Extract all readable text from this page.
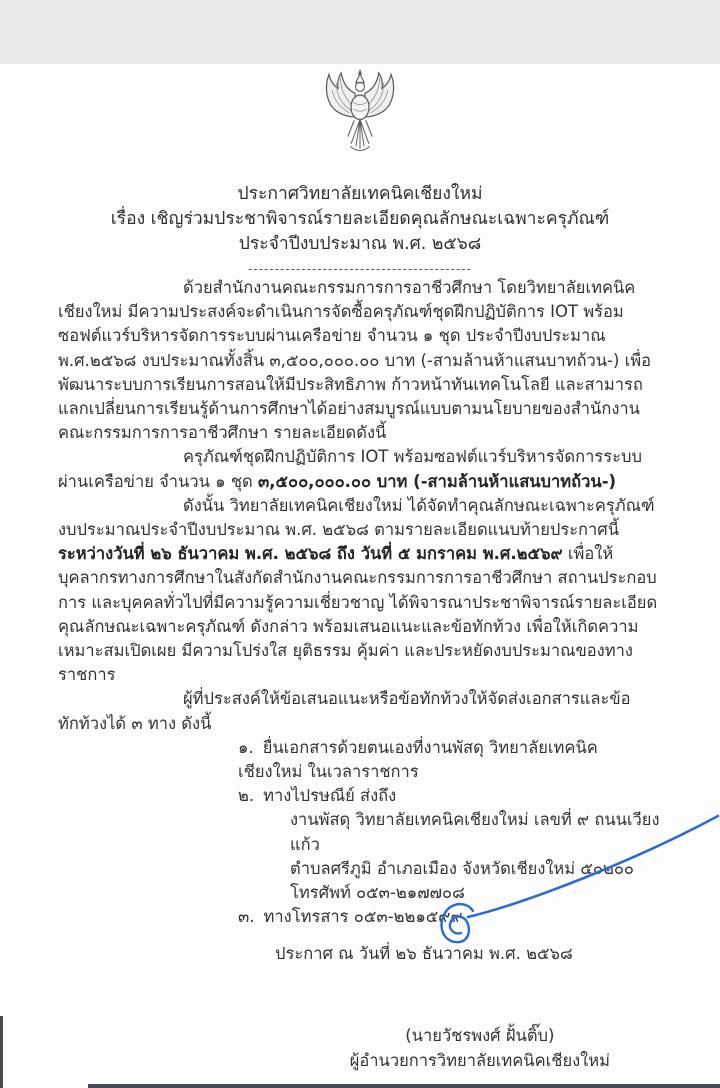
ประกาศวิทยาลัยเทคนิคเชียงใหม่
เรื่อง เชิญร่วมประชาพิจารณ์รายละเอียดคุณลักษณะเฉพาะครุภัณฑ์
ประจำปีงบประมาณ พ.ศ. ๒๕๖๘
------------------------------------------

ด้วยสำนักงานคณะกรรมการการอาชีวศึกษา โดยวิทยาลัยเทคนิคเชียงใหม่ มีความประสงค์จะดำเนินการจัดซื้อครุภัณฑ์ชุดฝึกปฏิบัติการ IOT พร้อมซอฟต์แวร์บริหารจัดการระบบผ่านเครือข่าย จำนวน ๑ ชุด ประจำปีงบประมาณ พ.ศ.๒๕๖๘ งบประมาณทั้งสิ้น ๓,๕๐๐,๐๐๐.๐๐ บาท (-สามล้านห้าแสนบาทถ้วน-) เพื่อพัฒนาระบบการเรียนการสอนให้มีประสิทธิภาพ ก้าวหน้าทันเทคโนโลยี และสามารถแลกเปลี่ยนการเรียนรู้ด้านการศึกษาได้อย่างสมบูรณ์แบบตามนโยบายของสำนักงานคณะกรรมการการอาชีวศึกษา รายละเอียดดังนี้

ครุภัณฑ์ชุดฝึกปฏิบัติการ IOT พร้อมซอฟต์แวร์บริหารจัดการระบบผ่านเครือข่าย จำนวน ๑ ชุด ๓,๕๐๐,๐๐๐.๐๐ บาท (-สามล้านห้าแสนบาทถ้วน-)

ดังนั้น วิทยาลัยเทคนิคเชียงใหม่ ได้จัดทำคุณลักษณะเฉพาะครุภัณฑ์ งบประมาณประจำปีงบประมาณ พ.ศ. ๒๕๖๘ ตามรายละเอียดแนบท้ายประกาศนี้ ระหว่างวันที่ ๒๖ ธันวาคม พ.ศ. ๒๕๖๘ ถึง วันที่ ๕ มกราคม พ.ศ.๒๕๖๙ เพื่อให้บุคลากรทางการศึกษาในสังกัดสำนักงานคณะกรรมการการอาชีวศึกษา สถานประกอบการ และบุคคลทั่วไปที่มีความรู้ความเชี่ยวชาญ ได้พิจารณาประชาพิจารณ์รายละเอียด คุณลักษณะเฉพาะครุภัณฑ์ ดังกล่าว พร้อมเสนอแนะและข้อทักท้วง เพื่อให้เกิดความเหมาะสมเปิดเผย มีความโปร่งใส ยุติธรรม คุ้มค่า และประหยัดงบประมาณของทางราชการ

ผู้ที่ประสงค์ให้ข้อเสนอแนะหรือข้อทักท้วงให้จัดส่งเอกสารและข้อทักท้วงได้ ๓ ทาง ดังนี้

๑. ยื่นเอกสารด้วยตนเองที่งานพัสดุ วิทยาลัยเทคนิคเชียงใหม่ ในเวลาราชการ

๒. ทางไปรษณีย์ ส่งถึง

งานพัสดุ วิทยาลัยเทคนิคเชียงใหม่ เลขที่ ๙ ถนนเวียงแก้ว

ตำบลศรีภูมิ อำเภอเมือง จังหวัดเชียงใหม่ ๕๐๒๐๐

โทรศัพท์ ๐๕๓-๒๑๗๗๐๘

๓. ทางโทรสาร ๐๕๓-๒๒๑๕๙๙

ประกาศ ณ วันที่ ๒๖ ธันวาคม พ.ศ. ๒๕๖๘

(นายวัชรพงศ์ ฝั้นติ๊บ)
ผู้อำนวยการวิทยาลัยเทคนิคเชียงใหม่
